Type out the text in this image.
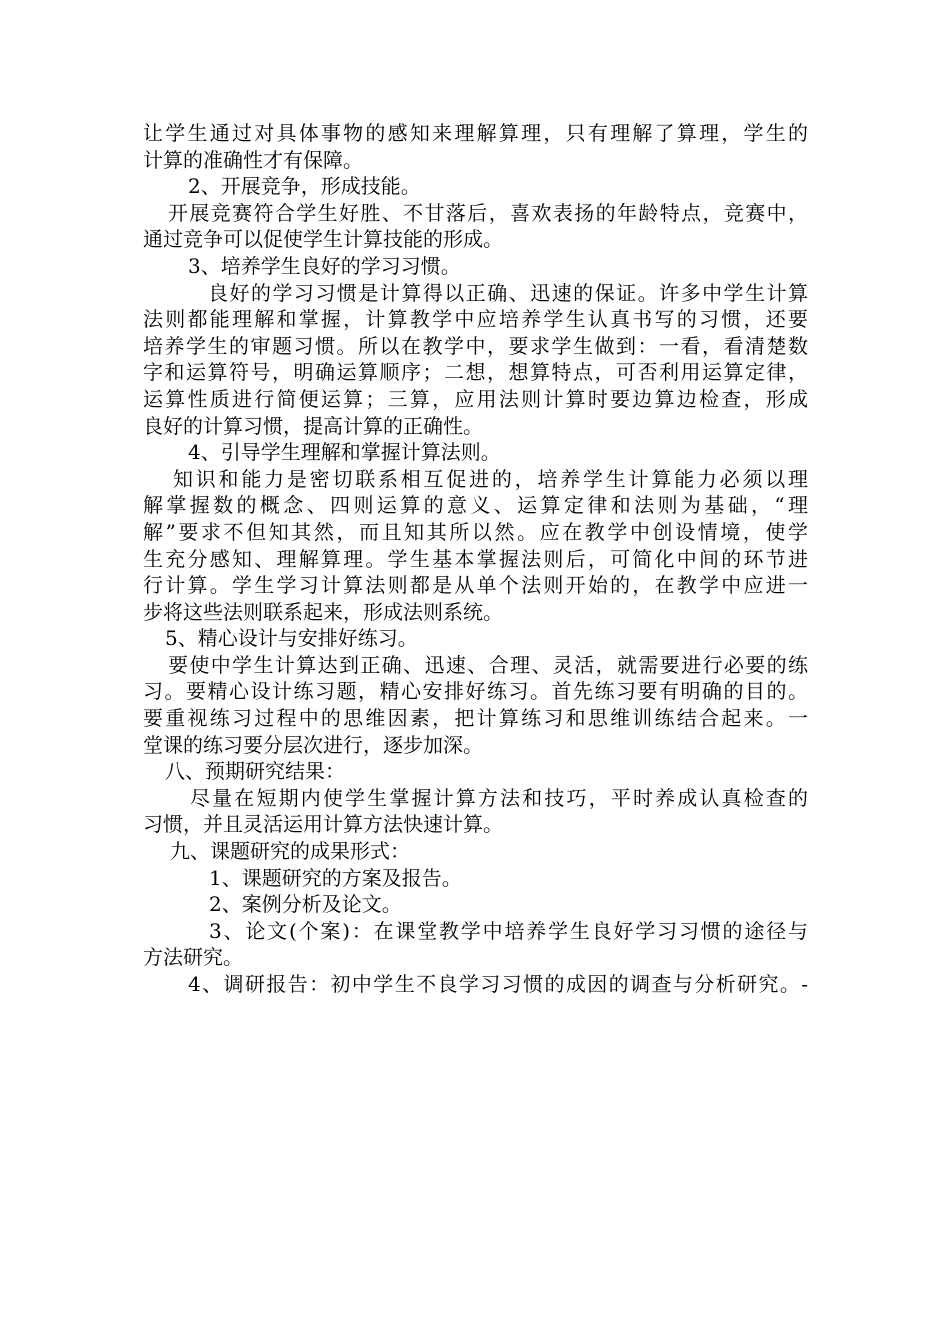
让学生通过对具体事物的感知来理解算理，只有理解了算理，学生的
计算的准确性才有保障。
2、开展竞争，形成技能。
开展竞赛符合学生好胜、不甘落后，喜欢表扬的年龄特点，竞赛中，
通过竞争可以促使学生计算技能的形成。
3、培养学生良好的学习习惯。
良好的学习习惯是计算得以正确、迅速的保证。许多中学生计算
法则都能理解和掌握，计算教学中应培养学生认真书写的习惯，还要
培养学生的审题习惯。所以在教学中，要求学生做到：一看，看清楚数
字和运算符号，明确运算顺序；二想，想算特点，可否利用运算定律，
运算性质进行简便运算；三算，应用法则计算时要边算边检查，形成
良好的计算习惯，提高计算的正确性。
4、引导学生理解和掌握计算法则。
知识和能力是密切联系相互促进的，培养学生计算能力必须以理
解掌握数的概念、四则运算的意义、运算定律和法则为基础，“理
解”要求不但知其然，而且知其所以然。应在教学中创设情境，使学
生充分感知、理解算理。学生基本掌握法则后，可简化中间的环节进
行计算。学生学习计算法则都是从单个法则开始的，在教学中应进一
步将这些法则联系起来，形成法则系统。
5、精心设计与安排好练习。
要使中学生计算达到正确、迅速、合理、灵活，就需要进行必要的练
习。要精心设计练习题，精心安排好练习。首先练习要有明确的目的。
要重视练习过程中的思维因素，把计算练习和思维训练结合起来。一
堂课的练习要分层次进行，逐步加深。
八、预期研究结果：
尽量在短期内使学生掌握计算方法和技巧，平时养成认真检查的
习惯，并且灵活运用计算方法快速计算。
九、课题研究的成果形式：
1、课题研究的方案及报告。
2、案例分析及论文。
3、论文(个案)：在课堂教学中培养学生良好学习习惯的途径与
方法研究。
4、调研报告：初中学生不良学习习惯的成因的调查与分析研究。-
